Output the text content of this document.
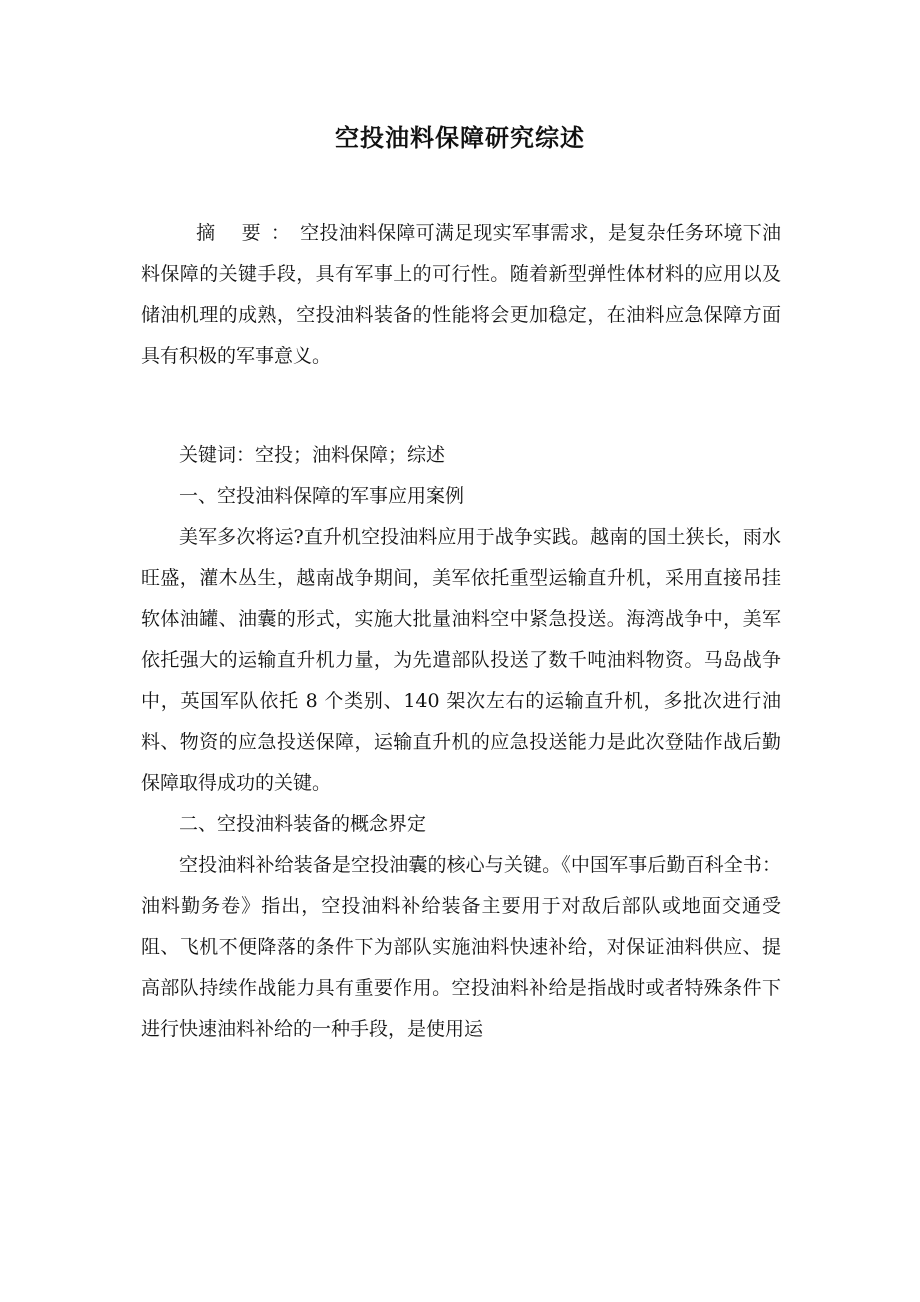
空投油料保障研究综述

摘 要：空投油料保障可满足现实军事需求，是复杂任务环境下油料保障的关键手段，具有军事上的可行性。随着新型弹性体材料的应用以及储油机理的成熟，空投油料装备的性能将会更加稳定，在油料应急保障方面具有积极的军事意义。

关键词：空投；油料保障；综述

一、空投油料保障的军事应用案例

美军多次将运?直升机空投油料应用于战争实践。越南的国土狭长，雨水旺盛，灌木丛生，越南战争期间，美军依托重型运输直升机，采用直接吊挂软体油罐、油囊的形式，实施大批量油料空中紧急投送。海湾战争中，美军依托强大的运输直升机力量，为先遣部队投送了数千吨油料物资。马岛战争中，英国军队依托 8 个类别、140 架次左右的运输直升机，多批次进行油料、物资的应急投送保障，运输直升机的应急投送能力是此次登陆作战后勤保障取得成功的关键。

二、空投油料装备的概念界定

空投油料补给装备是空投油囊的核心与关键。《中国军事后勤百科全书：油料勤务卷》指出，空投油料补给装备主要用于对敌后部队或地面交通受阻、飞机不便降落的条件下为部队实施油料快速补给，对保证油料供应、提高部队持续作战能力具有重要作用。空投油料补给是指战时或者特殊条件下进行快速油料补给的一种手段，是使用运
